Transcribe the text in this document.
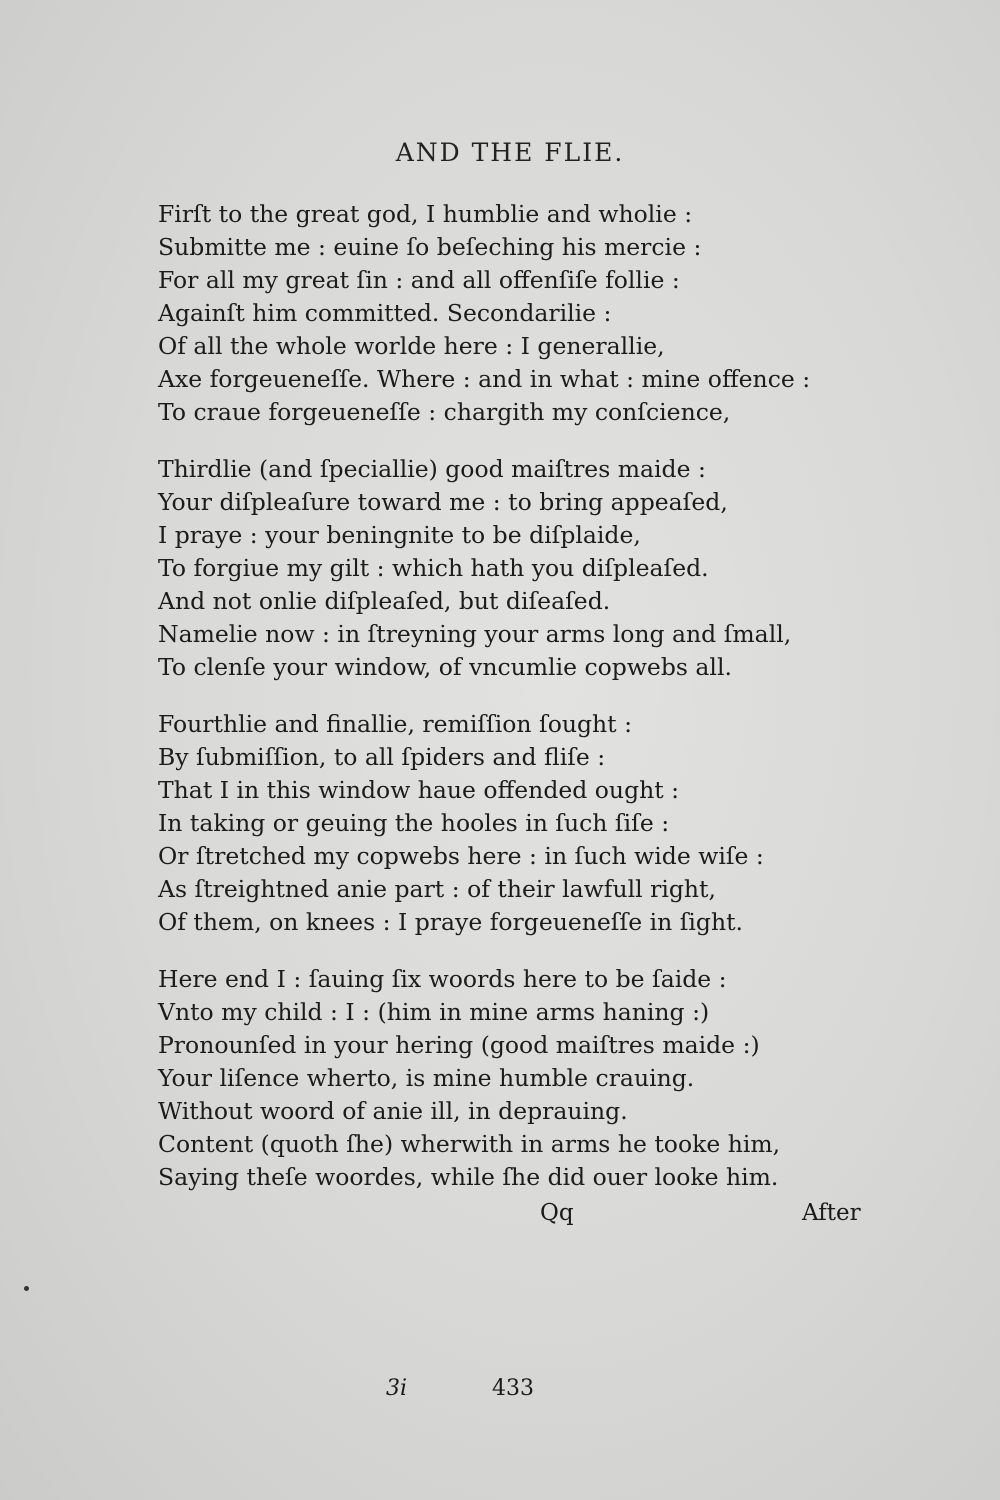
AND THE FLIE.
Firſt to the great god, I humblie and wholie :
Submitte me : euine ſo beſeching his mercie :
For all my great ſin : and all offenſiſe follie :
Againſt him committed. Secondarilie :
Of all the whole worlde here : I generallie,
Axe forgeueneſſe. Where : and in what : mine offence :
To craue forgeueneſſe : chargith my conſcience,
Thirdlie (and ſpeciallie) good maiſtres maide :
Your diſpleaſure toward me : to bring appeaſed,
I praye : your beningnite to be diſplaide,
To forgiue my gilt : which hath you diſpleaſed.
And not onlie diſpleaſed, but diſeaſed.
Namelie now : in ſtreyning your arms long and ſmall,
To clenſe your window, of vncumlie copwebs all.
Fourthlie and finallie, remiſſion ſought :
By ſubmiſſion, to all ſpiders and fliſe :
That I in this window haue offended ought :
In taking or geuing the hooles in ſuch ſiſe :
Or ſtretched my copwebs here : in ſuch wide wiſe :
As ſtreightned anie part : of their lawfull right,
Of them, on knees : I praye forgeueneſſe in ſight.
Here end I : ſauing ſix woords here to be ſaide :
Vnto my child : I : (him in mine arms haning :)
Pronounſed in your hering (good maiſtres maide :)
Your liſence wherto, is mine humble crauing.
Without woord of anie ill, in deprauing.
Content (quoth ſhe) wherwith in arms he tooke him,
Saying theſe woordes, while ſhe did ouer looke him.
Qq	After
3i	433
